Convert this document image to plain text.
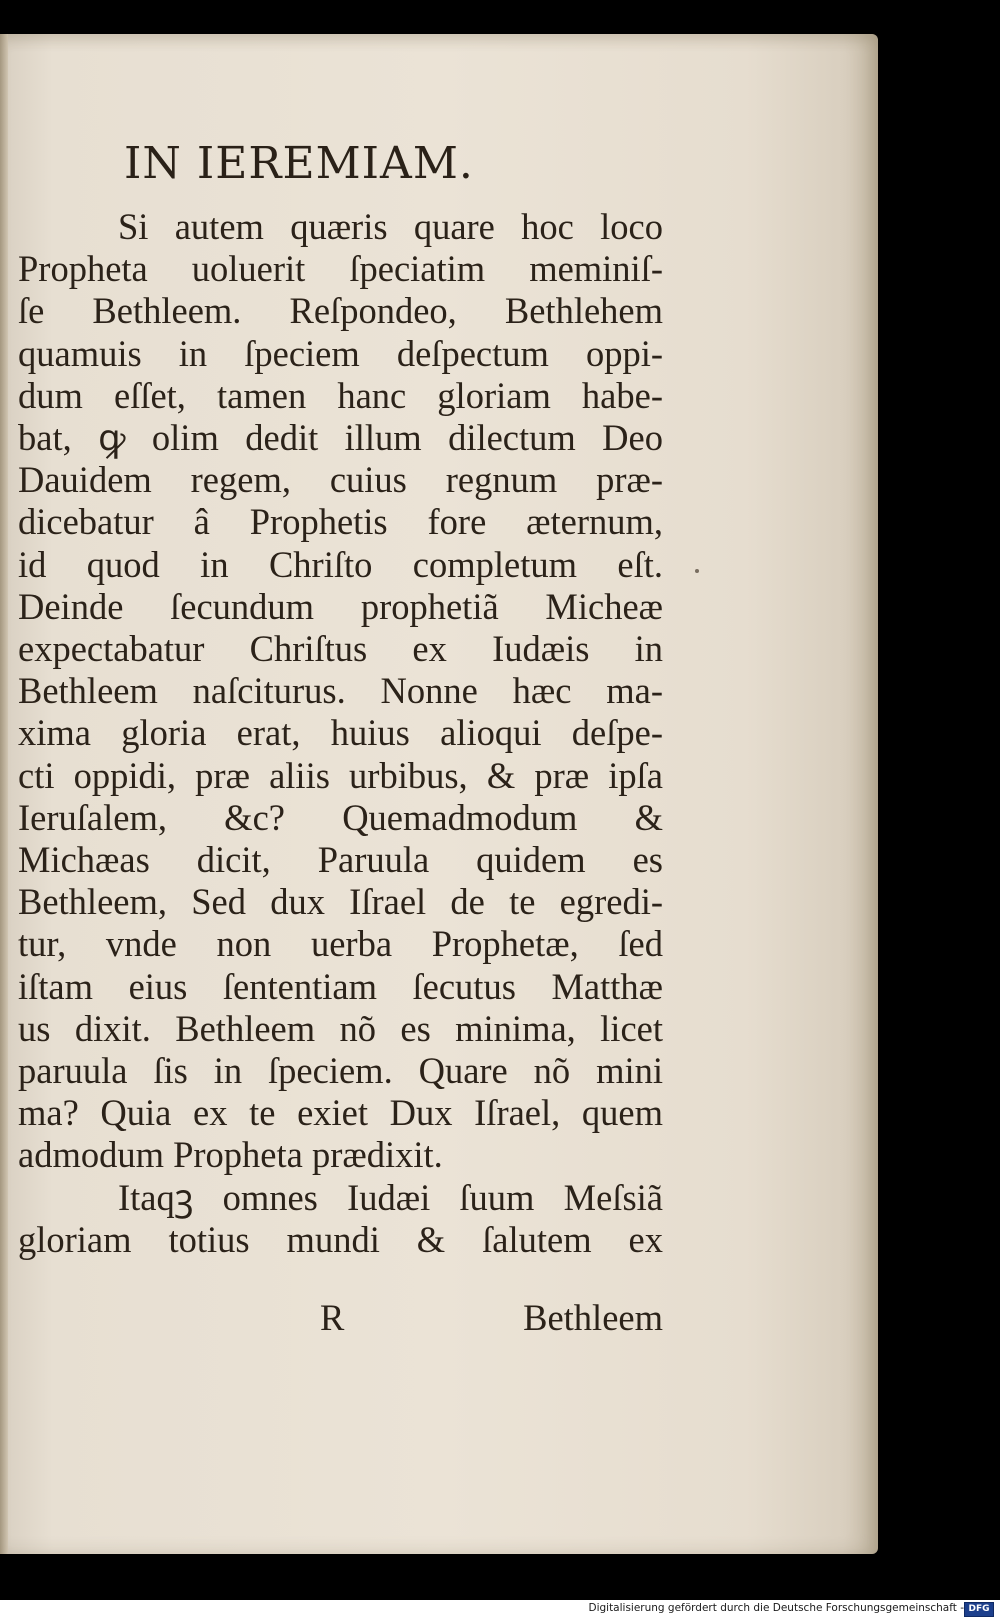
IN IEREMIAM.
Si autem quæris quare hoc loco
Propheta uoluerit ſpeciatim meminiſ-
ſe Bethleem. Reſpondeo, Bethlehem
quamuis in ſpeciem deſpectum oppi-
dum eſſet, tamen hanc gloriam habe-
bat, ꝙ olim dedit illum dilectum Deo
Dauidem regem, cuius regnum præ-
dicebatur â Prophetis fore æternum,
id quod in Chriſto completum eſt.
Deinde ſecundum prophetiã Micheæ
expectabatur Chriſtus ex Iudæis in
Bethleem naſciturus. Nonne hæc ma-
xima gloria erat, huius alioqui deſpe-
cti oppidi, præ aliis urbibus, & præ ipſa
Ieruſalem, &c? Quemadmodum &
Michæas dicit, Paruula quidem es
Bethleem, Sed dux Iſrael de te egredi-
tur, vnde non uerba Prophetæ, ſed
iſtam eius ſententiam ſecutus Matthæ
us dixit. Bethleem nõ es minima, licet
paruula ſis in ſpeciem. Quare nõ mini
ma? Quia ex te exiet Dux Iſrael, quem
admodum Propheta prædixit.
Itaqꝫ omnes Iudæi ſuum Meſsiã
gloriam totius mundi & ſalutem ex
R	Bethleem
Digitalisierung gefördert durch die Deutsche Forschungsgemeinschaft - DFG
